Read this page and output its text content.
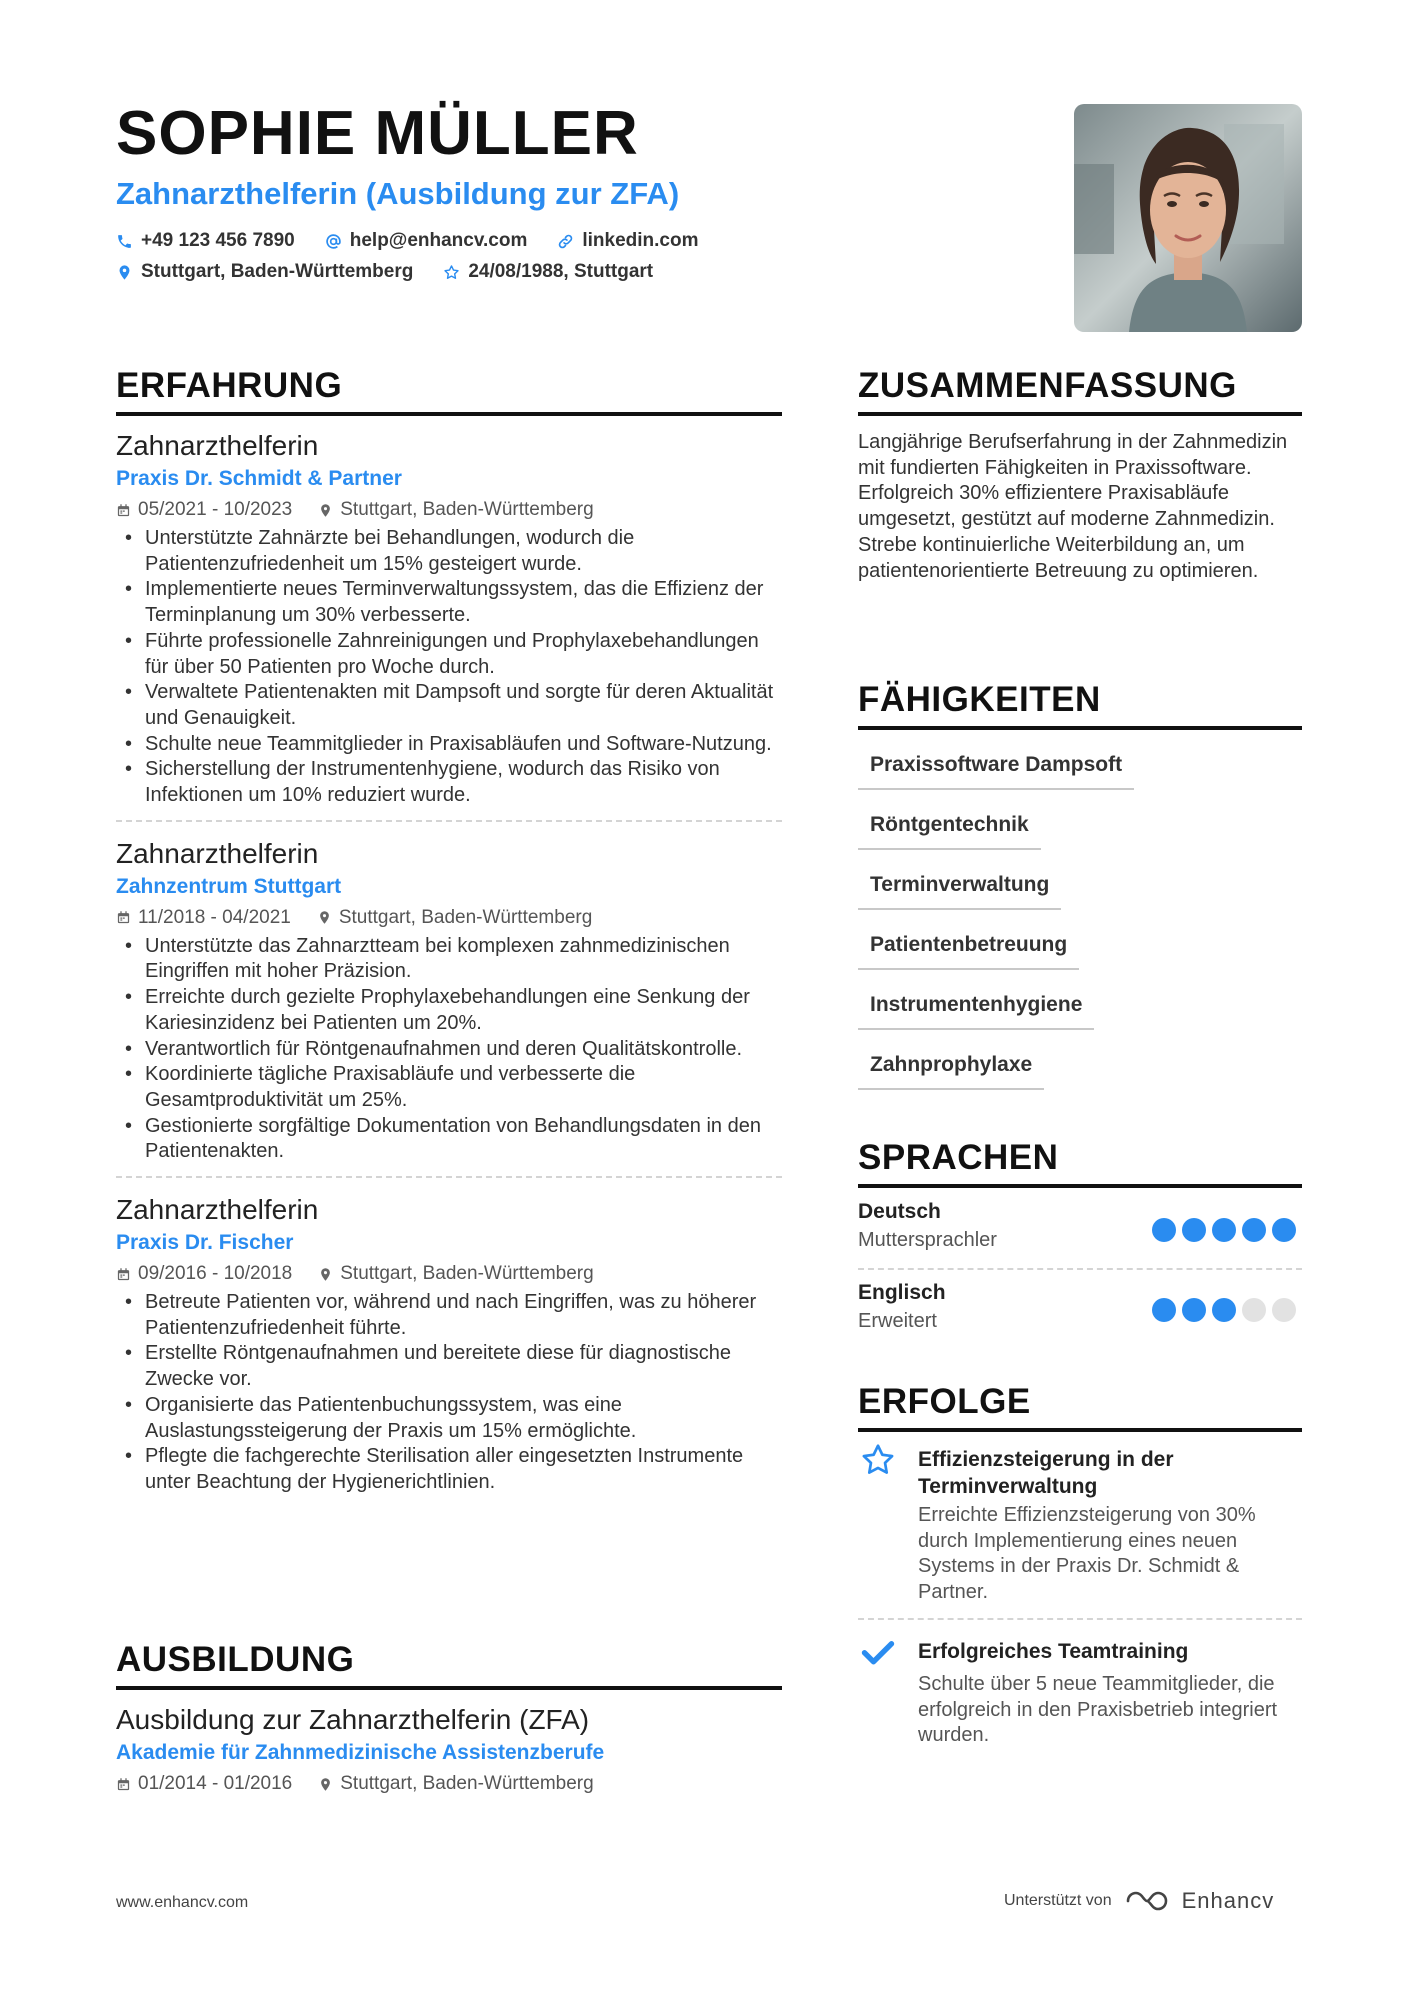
SOPHIE MÜLLER
Zahnarzthelferin (Ausbildung zur ZFA)
+49 123 456 7890	help@enhancv.com	linkedin.com
Stuttgart, Baden-Württemberg	24/08/1988, Stuttgart
ERFAHRUNG
Zahnarzthelferin
Praxis Dr. Schmidt & Partner
05/2021 - 10/2023	Stuttgart, Baden-Württemberg
• Unterstützte Zahnärzte bei Behandlungen, wodurch die Patientenzufriedenheit um 15% gesteigert wurde.
• Implementierte neues Terminverwaltungssystem, das die Effizienz der Terminplanung um 30% verbesserte.
• Führte professionelle Zahnreinigungen und Prophylaxebehandlungen für über 50 Patienten pro Woche durch.
• Verwaltete Patientenakten mit Dampsoft und sorgte für deren Aktualität und Genauigkeit.
• Schulte neue Teammitglieder in Praxisabläufen und Software-Nutzung.
• Sicherstellung der Instrumentenhygiene, wodurch das Risiko von Infektionen um 10% reduziert wurde.
Zahnarzthelferin
Zahnzentrum Stuttgart
11/2018 - 04/2021	Stuttgart, Baden-Württemberg
• Unterstützte das Zahnarztteam bei komplexen zahnmedizinischen Eingriffen mit hoher Präzision.
• Erreichte durch gezielte Prophylaxebehandlungen eine Senkung der Kariesinzidenz bei Patienten um 20%.
• Verantwortlich für Röntgenaufnahmen und deren Qualitätskontrolle.
• Koordinierte tägliche Praxisabläufe und verbesserte die Gesamtproduktivität um 25%.
• Gestionierte sorgfältige Dokumentation von Behandlungsdaten in den Patientenakten.
Zahnarzthelferin
Praxis Dr. Fischer
09/2016 - 10/2018	Stuttgart, Baden-Württemberg
• Betreute Patienten vor, während und nach Eingriffen, was zu höherer Patientenzufriedenheit führte.
• Erstellte Röntgenaufnahmen und bereitete diese für diagnostische Zwecke vor.
• Organisierte das Patientenbuchungssystem, was eine Auslastungssteigerung der Praxis um 15% ermöglichte.
• Pflegte die fachgerechte Sterilisation aller eingesetzten Instrumente unter Beachtung der Hygienerichtlinien.
AUSBILDUNG
Ausbildung zur Zahnarzthelferin (ZFA)
Akademie für Zahnmedizinische Assistenzberufe
01/2014 - 01/2016	Stuttgart, Baden-Württemberg
ZUSAMMENFASSUNG
Langjährige Berufserfahrung in der Zahnmedizin mit fundierten Fähigkeiten in Praxissoftware. Erfolgreich 30% effizientere Praxisabläufe umgesetzt, gestützt auf moderne Zahnmedizin. Strebe kontinuierliche Weiterbildung an, um patientenorientierte Betreuung zu optimieren.
FÄHIGKEITEN
Praxissoftware Dampsoft
Röntgentechnik
Terminverwaltung
Patientenbetreuung
Instrumentenhygiene
Zahnprophylaxe
SPRACHEN
Deutsch
Muttersprachler
Englisch
Erweitert
ERFOLGE
Effizienzsteigerung in der Terminverwaltung
Erreichte Effizienzsteigerung von 30% durch Implementierung eines neuen Systems in der Praxis Dr. Schmidt & Partner.
Erfolgreiches Teamtraining
Schulte über 5 neue Teammitglieder, die erfolgreich in den Praxisbetrieb integriert wurden.
www.enhancv.com	Unterstützt von	Enhancv
